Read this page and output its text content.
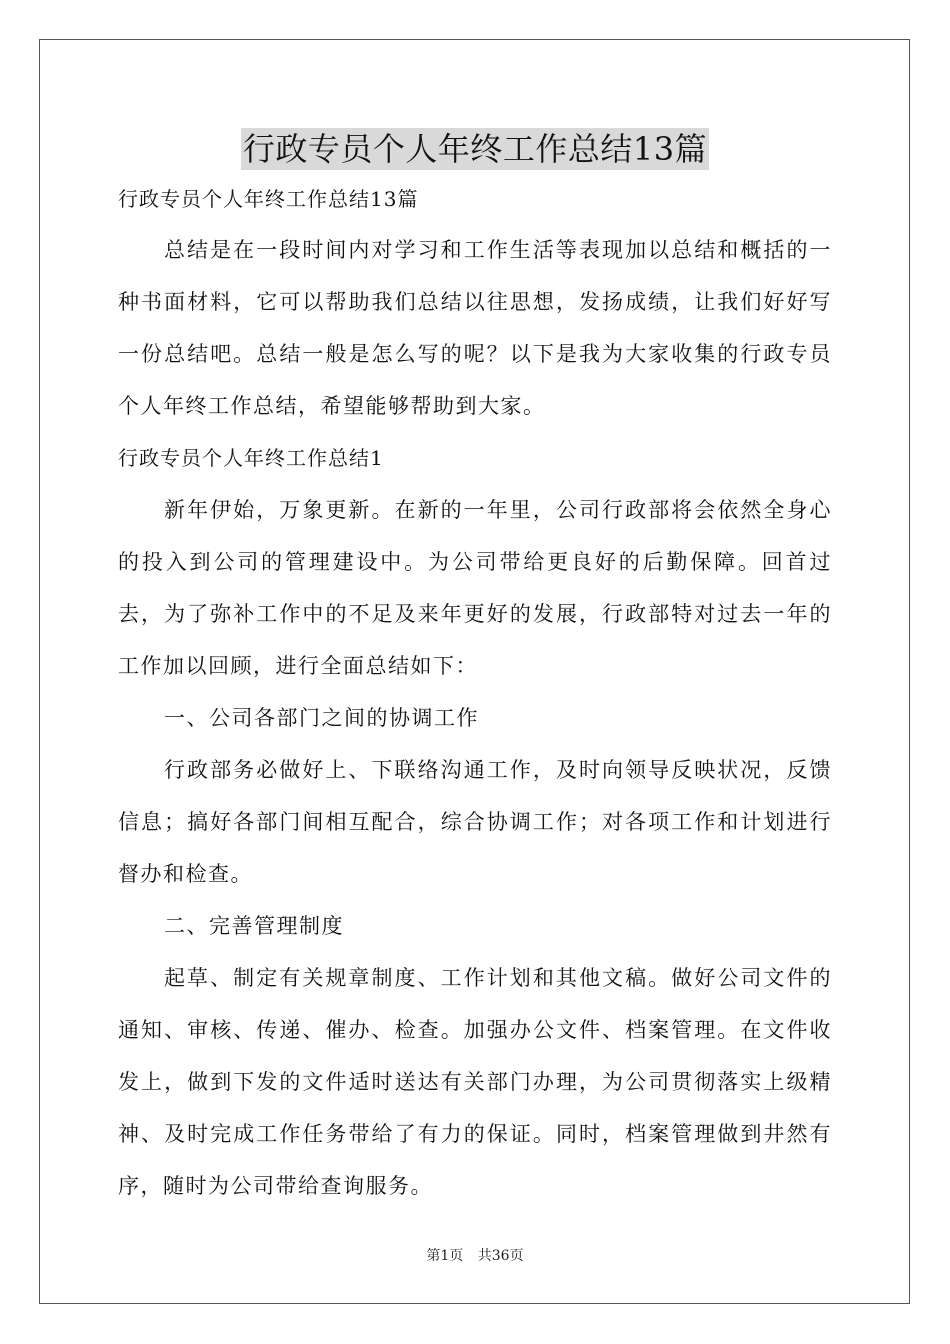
行政专员个人年终工作总结13篇
行政专员个人年终工作总结13篇

总结是在一段时间内对学习和工作生活等表现加以总结和概括的一种书面材料，它可以帮助我们总结以往思想，发扬成绩，让我们好好写一份总结吧。总结一般是怎么写的呢？以下是我为大家收集的行政专员个人年终工作总结，希望能够帮助到大家。

行政专员个人年终工作总结1

新年伊始，万象更新。在新的一年里，公司行政部将会依然全身心的投入到公司的管理建设中。为公司带给更良好的后勤保障。回首过去，为了弥补工作中的不足及来年更好的发展，行政部特对过去一年的工作加以回顾，进行全面总结如下：

一、公司各部门之间的协调工作

行政部务必做好上、下联络沟通工作，及时向领导反映状况，反馈信息；搞好各部门间相互配合，综合协调工作；对各项工作和计划进行督办和检查。

二、完善管理制度

起草、制定有关规章制度、工作计划和其他文稿。做好公司文件的通知、审核、传递、催办、检查。加强办公文件、档案管理。在文件收发上，做到下发的文件适时送达有关部门办理，为公司贯彻落实上级精神、及时完成工作任务带给了有力的保证。同时，档案管理做到井然有序，随时为公司带给查询服务。

第1页 共36页
